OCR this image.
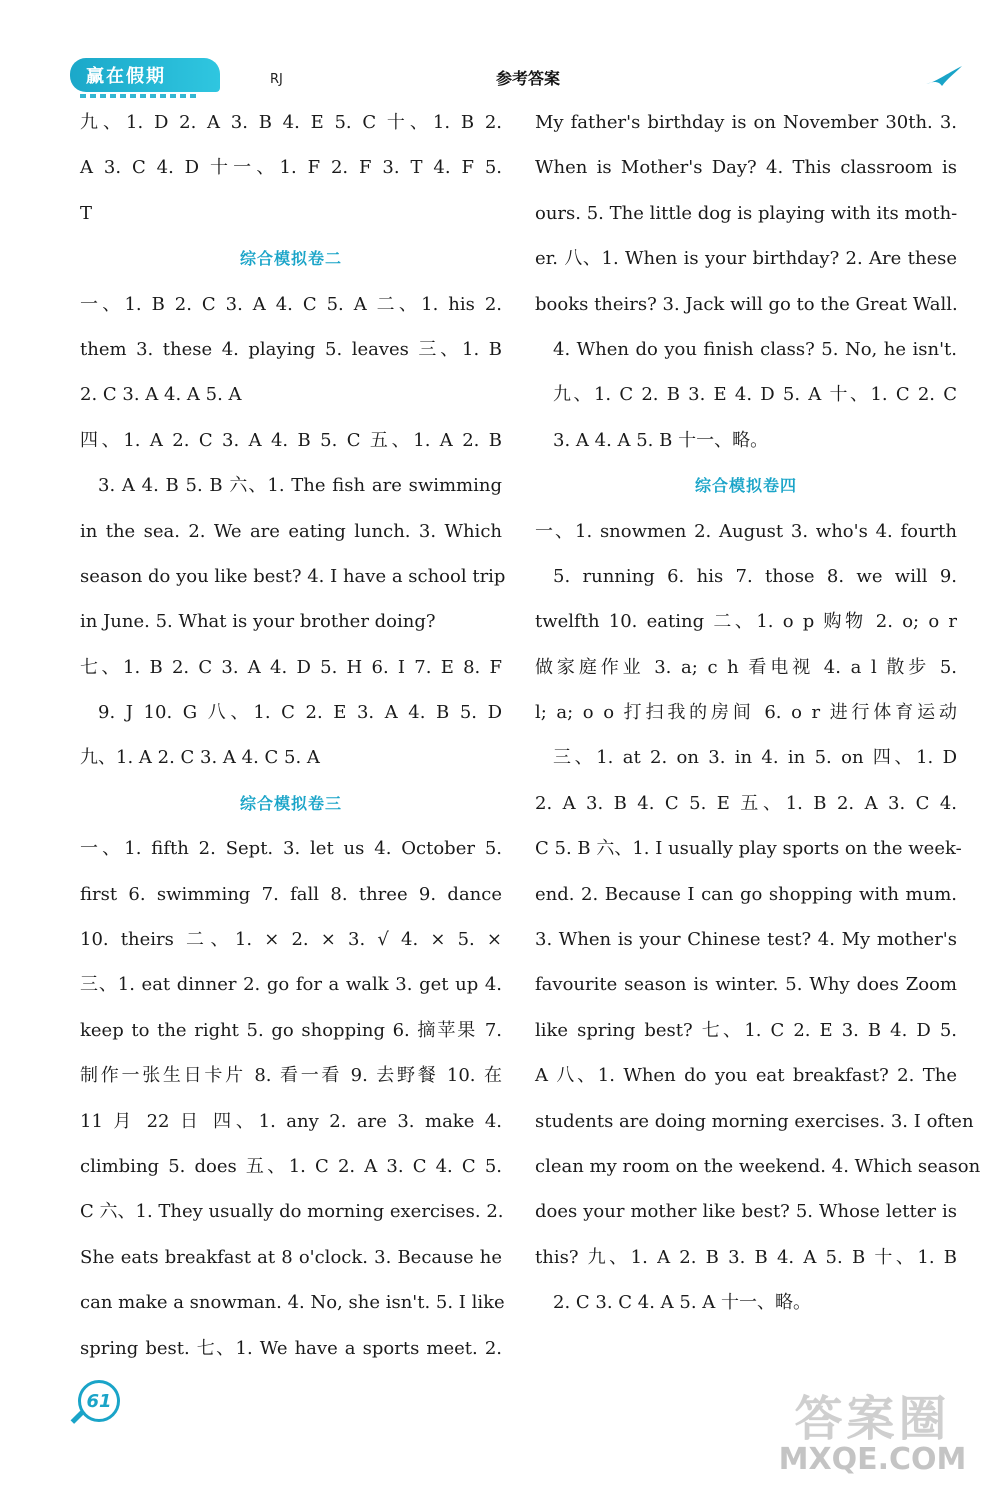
赢在假期	RJ	参考答案
九、1. D 2. A 3. B 4. E 5. C 十、1. B 2.
A 3. C 4. D 十一、1. F 2. F 3. T 4. F 5.
T
综合模拟卷二
一、1. B 2. C 3. A 4. C 5. A 二、1. his 2.
them 3. these 4. playing 5. leaves 三、1. B
2. C 3. A 4. A 5. A
四、1. A 2. C 3. A 4. B 5. C 五、1. A 2. B
3. A 4. B 5. B 六、1. The fish are swimming
in the sea. 2. We are eating lunch. 3. Which
season do you like best? 4. I have a school trip
in June. 5. What is your brother doing?
七、1. B 2. C 3. A 4. D 5. H 6. I 7. E 8. F
9. J 10. G 八、1. C 2. E 3. A 4. B 5. D
九、1. A 2. C 3. A 4. C 5. A
综合模拟卷三
一、1. fifth 2. Sept. 3. let us 4. October 5.
first 6. swimming 7. fall 8. three 9. dance
10. theirs 二、1. × 2. × 3. √ 4. × 5. ×
三、1. eat dinner 2. go for a walk 3. get up 4.
keep to the right 5. go shopping 6. 摘苹果 7.
制作一张生日卡片 8. 看一看 9. 去野餐 10. 在
11 月 22 日 四、1. any 2. are 3. make 4.
climbing 5. does 五、1. C 2. A 3. C 4. C 5.
C 六、1. They usually do morning exercises. 2.
She eats breakfast at 8 o'clock. 3. Because he
can make a snowman. 4. No, she isn't. 5. I like
spring best. 七、1. We have a sports meet. 2.
My father's birthday is on November 30th. 3.
When is Mother's Day? 4. This classroom is
ours. 5. The little dog is playing with its moth-
er. 八、1. When is your birthday? 2. Are these
books theirs? 3. Jack will go to the Great Wall.
4. When do you finish class? 5. No, he isn't.
九、1. C 2. B 3. E 4. D 5. A 十、1. C 2. C
3. A 4. A 5. B 十一、略。
综合模拟卷四
一、1. snowmen 2. August 3. who's 4. fourth
5. running 6. his 7. those 8. we will 9.
twelfth 10. eating 二、1. o p 购物 2. o; o r
做家庭作业 3. a; c h 看电视 4. a l 散步 5.
l; a; o o 打扫我的房间 6. o r 进行体育运动
三、1. at 2. on 3. in 4. in 5. on 四、1. D
2. A 3. B 4. C 5. E 五、1. B 2. A 3. C 4.
C 5. B 六、1. I usually play sports on the week-
end. 2. Because I can go shopping with mum.
3. When is your Chinese test? 4. My mother's
favourite season is winter. 5. Why does Zoom
like spring best? 七、1. C 2. E 3. B 4. D 5.
A 八、1. When do you eat breakfast? 2. The
students are doing morning exercises. 3. I often
clean my room on the weekend. 4. Which season
does your mother like best? 5. Whose letter is
this? 九、1. A 2. B 3. B 4. A 5. B 十、1. B
2. C 3. C 4. A 5. A 十一、略。
61	答案圈
MXQE.COM
